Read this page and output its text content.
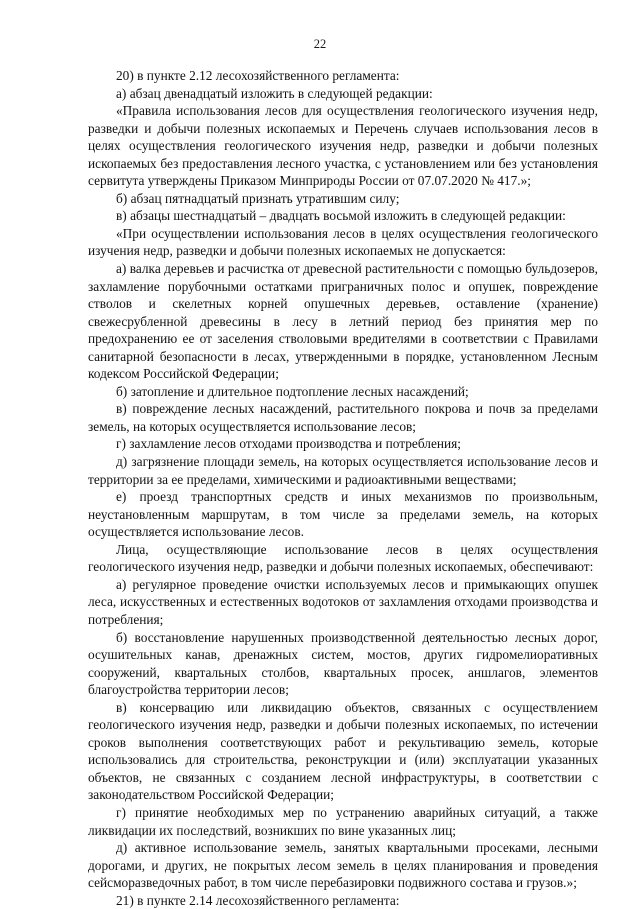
22

20) в пункте 2.12 лесохозяйственного регламента:

а) абзац двенадцатый изложить в следующей редакции:

«Правила использования лесов для осуществления геологического изучения недр, разведки и добычи полезных ископаемых и Перечень случаев использования лесов в целях осуществления геологического изучения недр, разведки и добычи полезных ископаемых без предоставления лесного участка, с установлением или без установления сервитута утверждены Приказом Минприроды России от 07.07.2020 № 417.»;

б) абзац пятнадцатый признать утратившим силу;

в) абзацы шестнадцатый – двадцать восьмой изложить в следующей редакции:

«При осуществлении использования лесов в целях осуществления геологического изучения недр, разведки и добычи полезных ископаемых не допускается:

а) валка деревьев и расчистка от древесной растительности с помощью бульдозеров, захламление порубочными остатками приграничных полос и опушек, повреждение стволов и скелетных корней опушечных деревьев, оставление (хранение) свежесрубленной древесины в лесу в летний период без принятия мер по предохранению ее от заселения стволовыми вредителями в соответствии с Правилами санитарной безопасности в лесах, утвержденными в порядке, установленном Лесным кодексом Российской Федерации;

б) затопление и длительное подтопление лесных насаждений;

в) повреждение лесных насаждений, растительного покрова и почв за пределами земель, на которых осуществляется использование лесов;

г) захламление лесов отходами производства и потребления;

д) загрязнение площади земель, на которых осуществляется использование лесов и территории за ее пределами, химическими и радиоактивными веществами;

е) проезд транспортных средств и иных механизмов по произвольным, неустановленным маршрутам, в том числе за пределами земель, на которых осуществляется использование лесов.

Лица, осуществляющие использование лесов в целях осуществления геологического изучения недр, разведки и добычи полезных ископаемых, обеспечивают:

а) регулярное проведение очистки используемых лесов и примыкающих опушек леса, искусственных и естественных водотоков от захламления отходами производства и потребления;

б) восстановление нарушенных производственной деятельностью лесных дорог, осушительных канав, дренажных систем, мостов, других гидромелиоративных сооружений, квартальных столбов, квартальных просек, аншлагов, элементов благоустройства территории лесов;

в) консервацию или ликвидацию объектов, связанных с осуществлением геологического изучения недр, разведки и добычи полезных ископаемых, по истечении сроков выполнения соответствующих работ и рекультивацию земель, которые использовались для строительства, реконструкции и (или) эксплуатации указанных объектов, не связанных с созданием лесной инфраструктуры, в соответствии с законодательством Российской Федерации;

г) принятие необходимых мер по устранению аварийных ситуаций, а также ликвидации их последствий, возникших по вине указанных лиц;

д) активное использование земель, занятых квартальными просеками, лесными дорогами, и других, не покрытых лесом земель в целях планирования и проведения сейсморазведочных работ, в том числе перебазировки подвижного состава и грузов.»;

21) в пункте 2.14 лесохозяйственного регламента:
